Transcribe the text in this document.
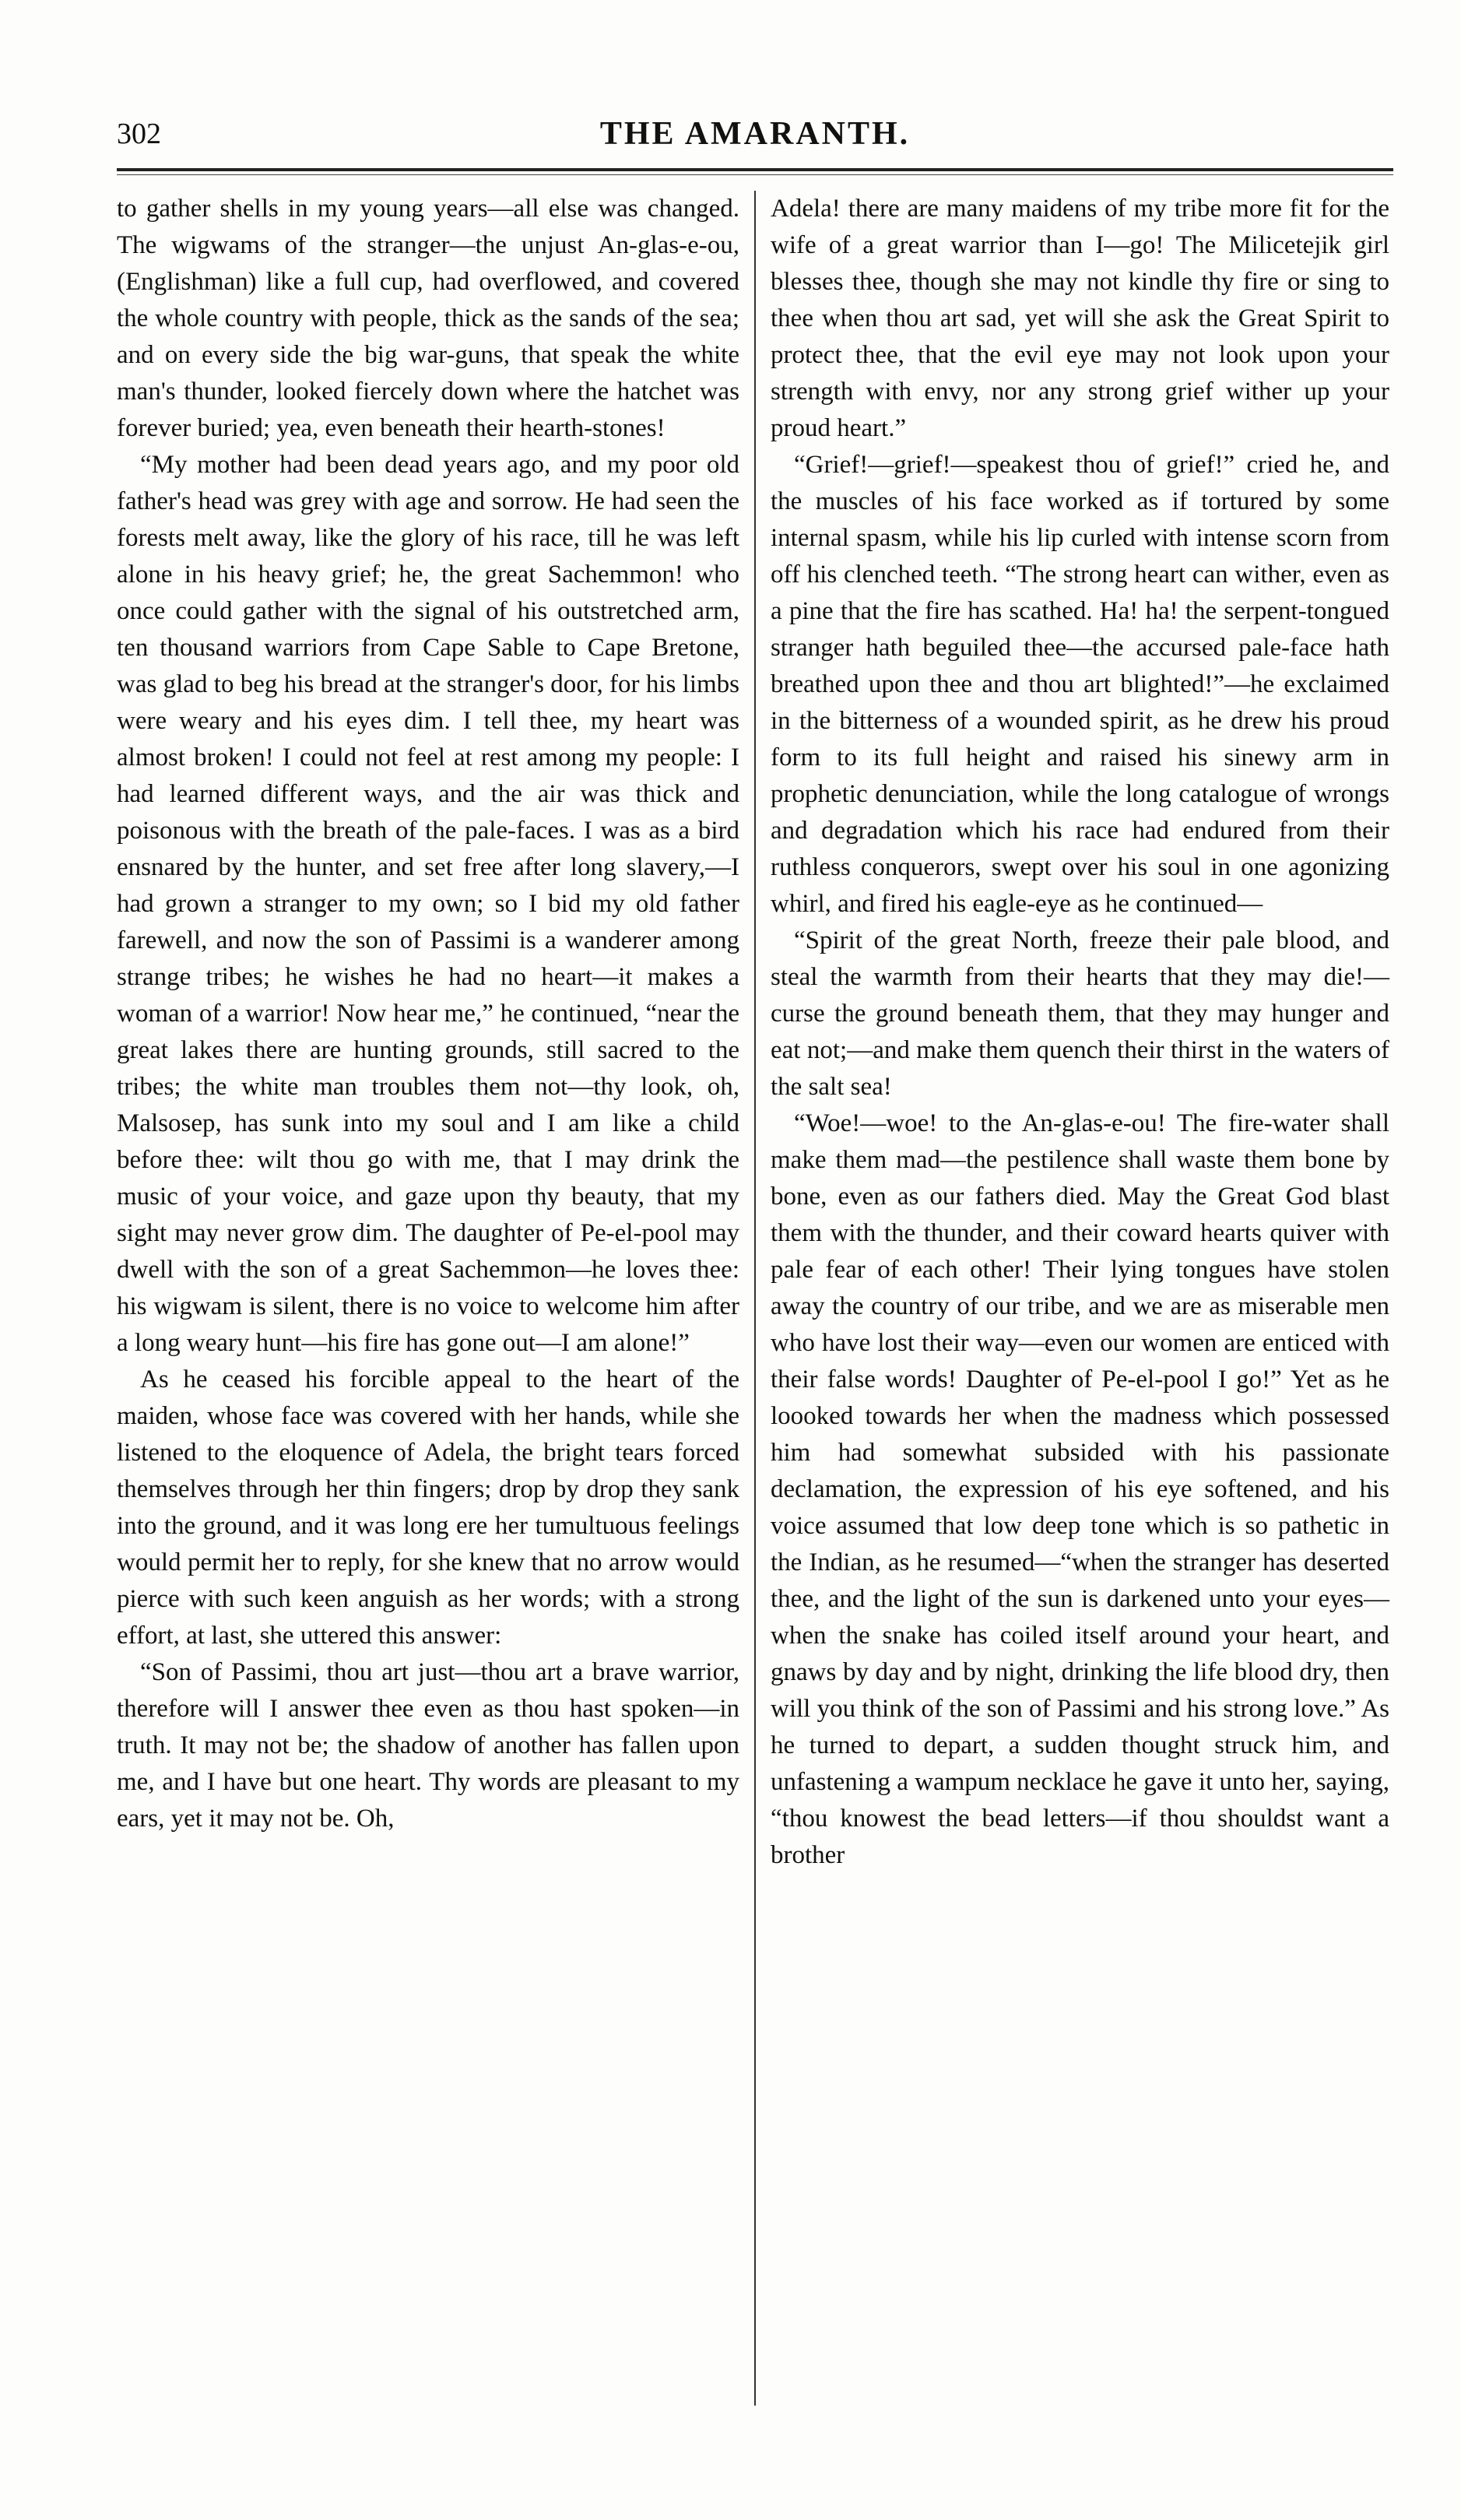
302	THE AMARANTH.

to gather shells in my young years—all else was changed. The wigwams of the stranger—the unjust An-glas-e-ou, (Englishman) like a full cup, had overflowed, and covered the whole country with people, thick as the sands of the sea; and on every side the big war-guns, that speak the white man's thunder, looked fiercely down where the hatchet was forever buried; yea, even beneath their hearth-stones!

“My mother had been dead years ago, and my poor old father's head was grey with age and sorrow. He had seen the forests melt away, like the glory of his race, till he was left alone in his heavy grief; he, the great Sachemmon! who once could gather with the signal of his outstretched arm, ten thousand warriors from Cape Sable to Cape Bretone, was glad to beg his bread at the stranger's door, for his limbs were weary and his eyes dim. I tell thee, my heart was almost broken! I could not feel at rest among my people: I had learned different ways, and the air was thick and poisonous with the breath of the pale-faces. I was as a bird ensnared by the hunter, and set free after long slavery,—I had grown a stranger to my own; so I bid my old father farewell, and now the son of Passimi is a wanderer among strange tribes; he wishes he had no heart—it makes a woman of a warrior! Now hear me,” he continued, “near the great lakes there are hunting grounds, still sacred to the tribes; the white man troubles them not—thy look, oh, Malsosep, has sunk into my soul and I am like a child before thee: wilt thou go with me, that I may drink the music of your voice, and gaze upon thy beauty, that my sight may never grow dim. The daughter of Pe-el-pool may dwell with the son of a great Sachemmon—he loves thee: his wigwam is silent, there is no voice to welcome him after a long weary hunt—his fire has gone out—I am alone!”

As he ceased his forcible appeal to the heart of the maiden, whose face was covered with her hands, while she listened to the eloquence of Adela, the bright tears forced themselves through her thin fingers; drop by drop they sank into the ground, and it was long ere her tumultuous feelings would permit her to reply, for she knew that no arrow would pierce with such keen anguish as her words; with a strong effort, at last, she uttered this answer:

“Son of Passimi, thou art just—thou art a brave warrior, therefore will I answer thee even as thou hast spoken—in truth. It may not be; the shadow of another has fallen upon me, and I have but one heart. Thy words are pleasant to my ears, yet it may not be. Oh,

Adela! there are many maidens of my tribe more fit for the wife of a great warrior than I—go! The Milicetejik girl blesses thee, though she may not kindle thy fire or sing to thee when thou art sad, yet will she ask the Great Spirit to protect thee, that the evil eye may not look upon your strength with envy, nor any strong grief wither up your proud heart.”

“Grief!—grief!—speakest thou of grief!” cried he, and the muscles of his face worked as if tortured by some internal spasm, while his lip curled with intense scorn from off his clenched teeth. “The strong heart can wither, even as a pine that the fire has scathed. Ha! ha! the serpent-tongued stranger hath beguiled thee—the accursed pale-face hath breathed upon thee and thou art blighted!”—he exclaimed in the bitterness of a wounded spirit, as he drew his proud form to its full height and raised his sinewy arm in prophetic denunciation, while the long catalogue of wrongs and degradation which his race had endured from their ruthless conquerors, swept over his soul in one agonizing whirl, and fired his eagle-eye as he continued—

“Spirit of the great North, freeze their pale blood, and steal the warmth from their hearts that they may die!—curse the ground beneath them, that they may hunger and eat not;—and make them quench their thirst in the waters of the salt sea!

“Woe!—woe! to the An-glas-e-ou! The fire-water shall make them mad—the pestilence shall waste them bone by bone, even as our fathers died. May the Great God blast them with the thunder, and their coward hearts quiver with pale fear of each other! Their lying tongues have stolen away the country of our tribe, and we are as miserable men who have lost their way—even our women are enticed with their false words! Daughter of Pe-el-pool I go!” Yet as he loooked towards her when the madness which possessed him had somewhat subsided with his passionate declamation, the expression of his eye softened, and his voice assumed that low deep tone which is so pathetic in the Indian, as he resumed—“when the stranger has deserted thee, and the light of the sun is darkened unto your eyes—when the snake has coiled itself around your heart, and gnaws by day and by night, drinking the life blood dry, then will you think of the son of Passimi and his strong love.” As he turned to depart, a sudden thought struck him, and unfastening a wampum necklace he gave it unto her, saying, “thou knowest the bead letters—if thou shouldst want a brother
